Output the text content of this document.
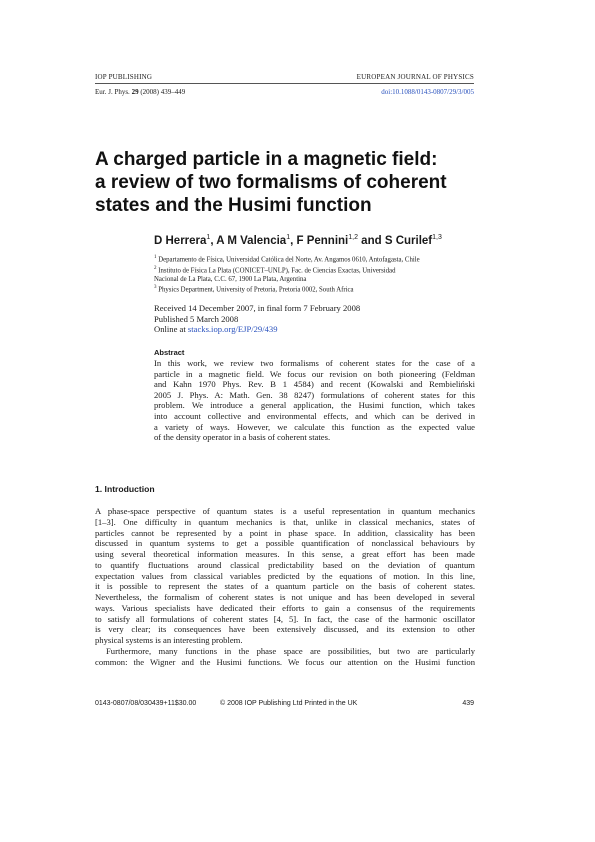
IOP PUBLISHING	EUROPEAN JOURNAL OF PHYSICS
Eur. J. Phys. 29 (2008) 439–449	doi:10.1088/0143-0807/29/3/005
A charged particle in a magnetic field:
a review of two formalisms of coherent
states and the Husimi function
D Herrera$^1$, A M Valencia$^1$, F Pennini$^{1,2}$ and S Curilef$^{1,3}$
$^1$ Departamento de Física, Universidad Católica del Norte, Av. Angamos 0610, Antofagasta, Chile
$^2$ Instituto de Física La Plata (CONICET–UNLP), Fac. de Ciencias Exactas, Universidad
Nacional de La Plata, C.C. 67, 1900 La Plata, Argentina
$^3$ Physics Department, University of Pretoria, Pretoria 0002, South Africa
Received 14 December 2007, in final form 7 February 2008
Published 5 March 2008
Online at stacks.iop.org/EJP/29/439
Abstract
In this work, we review two formalisms of coherent states for the case of a
particle in a magnetic field. We focus our revision on both pioneering (Feldman
and Kahn 1970 Phys. Rev. B 1 4584) and recent (Kowalski and Rembieliński
2005 J. Phys. A: Math. Gen. 38 8247) formulations of coherent states for this
problem. We introduce a general application, the Husimi function, which takes
into account collective and environmental effects, and which can be derived in
a variety of ways. However, we calculate this function as the expected value
of the density operator in a basis of coherent states.
1. Introduction
A phase-space perspective of quantum states is a useful representation in quantum mechanics
[1–3]. One difficulty in quantum mechanics is that, unlike in classical mechanics, states of
particles cannot be represented by a point in phase space. In addition, classicality has been
discussed in quantum systems to get a possible quantification of nonclassical behaviours by
using several theoretical information measures. In this sense, a great effort has been made
to quantify fluctuations around classical predictability based on the deviation of quantum
expectation values from classical variables predicted by the equations of motion. In this line,
it is possible to represent the states of a quantum particle on the basis of coherent states.
Nevertheless, the formalism of coherent states is not unique and has been developed in several
ways. Various specialists have dedicated their efforts to gain a consensus of the requirements
to satisfy all formulations of coherent states [4, 5]. In fact, the case of the harmonic oscillator
is very clear; its consequences have been extensively discussed, and its extension to other
physical systems is an interesting problem.
Furthermore, many functions in the phase space are possibilities, but two are particularly
common: the Wigner and the Husimi functions. We focus our attention on the Husimi function
0143-0807/08/030439+11$30.00	© 2008 IOP Publishing Ltd Printed in the UK	439
